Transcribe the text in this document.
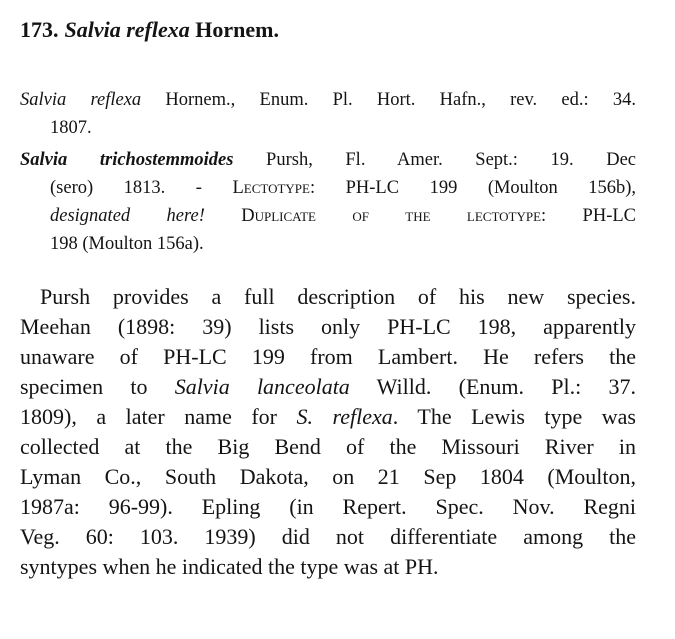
173. Salvia reflexa Hornem.
Salvia reflexa Hornem., Enum. Pl. Hort. Hafn., rev. ed.: 34.
1807.
Salvia trichostemmoides Pursh, Fl. Amer. Sept.: 19. Dec
(sero) 1813. - Lectotype: PH-LC 199 (Moulton 156b),
designated here! Duplicate of the lectotype: PH-LC
198 (Moulton 156a).
Pursh provides a full description of his new species.
Meehan (1898: 39) lists only PH-LC 198, apparently
unaware of PH-LC 199 from Lambert. He refers the
specimen to Salvia lanceolata Willd. (Enum. Pl.: 37.
1809), a later name for S. reflexa. The Lewis type was
collected at the Big Bend of the Missouri River in
Lyman Co., South Dakota, on 21 Sep 1804 (Moulton,
1987a: 96-99). Epling (in Repert. Spec. Nov. Regni
Veg. 60: 103. 1939) did not differentiate among the
syntypes when he indicated the type was at PH.
